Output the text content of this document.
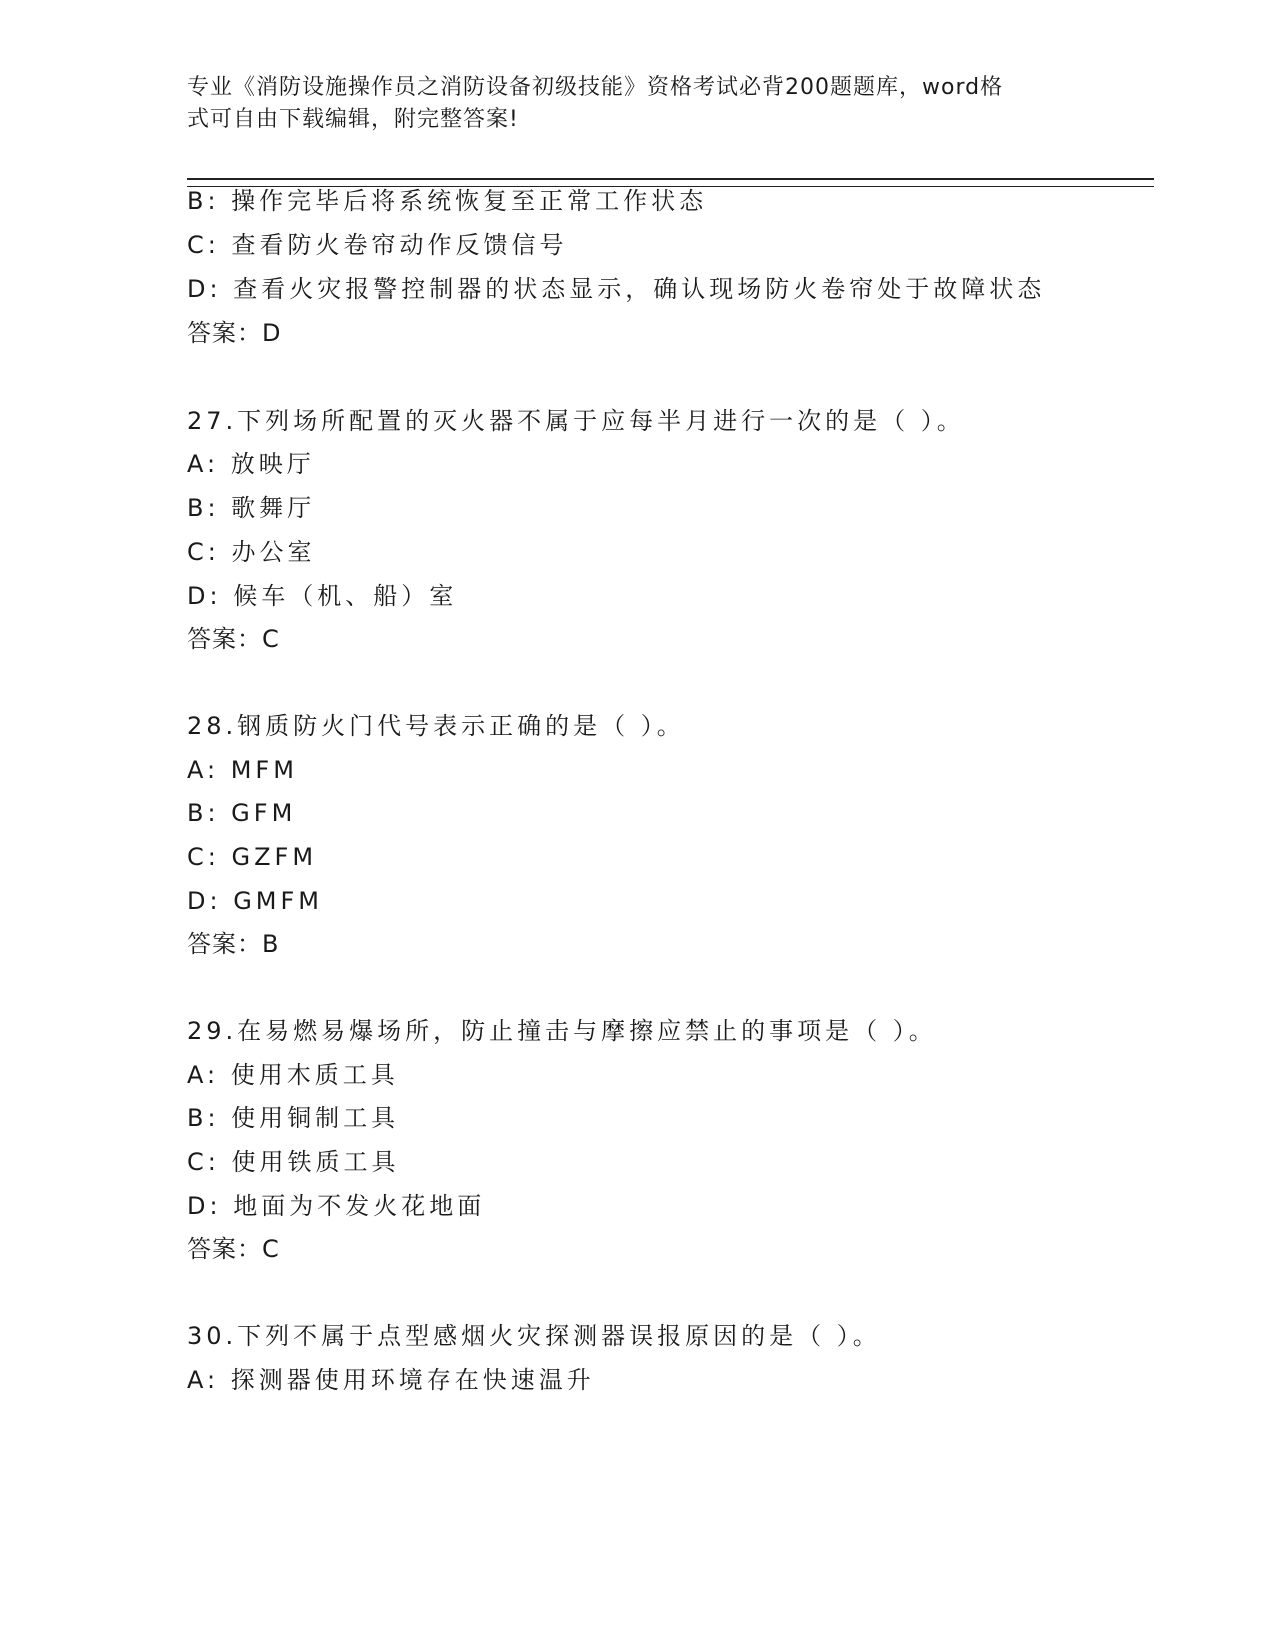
专业《消防设施操作员之消防设备初级技能》资格考试必背200题题库，word格
式可自由下载编辑，附完整答案!
B: 操作完毕后将系统恢复至正常工作状态
C: 查看防火卷帘动作反馈信号
D: 查看火灾报警控制器的状态显示，确认现场防火卷帘处于故障状态
答案：D
27.下列场所配置的灭火器不属于应每半月进行一次的是（ ）。
A: 放映厅
B: 歌舞厅
C: 办公室
D: 候车（机、船）室
答案：C
28.钢质防火门代号表示正确的是（ ）。
A: MFM
B: GFM
C: GZFM
D: GMFM
答案：B
29.在易燃易爆场所，防止撞击与摩擦应禁止的事项是（ ）。
A: 使用木质工具
B: 使用铜制工具
C: 使用铁质工具
D: 地面为不发火花地面
答案：C
30.下列不属于点型感烟火灾探测器误报原因的是（ ）。
A: 探测器使用环境存在快速温升
